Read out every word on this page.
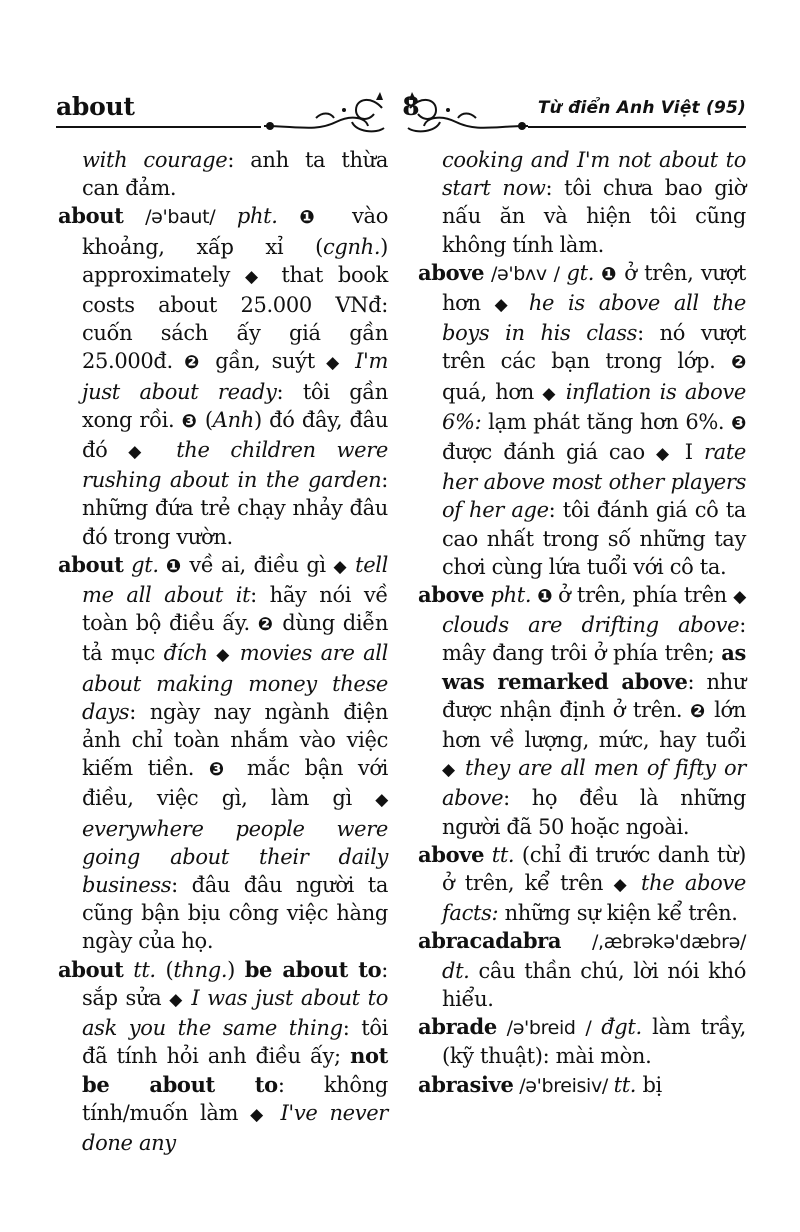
about	8	Từ điển Anh Việt (95)

with courage: anh ta thừa can đảm.

about /ə'baut/ pht. ❶ vào khoảng, xấp xỉ (cgnh.) approximately ◆ that book costs about 25.000 VNđ: cuốn sách ấy giá gần 25.000đ. ❷ gần, suýt ◆ I'm just about ready: tôi gần xong rồi. ❸ (Anh) đó đây, đâu đó ◆ the children were rushing about in the garden: những đứa trẻ chạy nhảy đâu đó trong vườn.

about gt. ❶ về ai, điều gì ◆ tell me all about it: hãy nói về toàn bộ điều ấy. ❷ dùng diễn tả mục đích ◆ movies are all about making money these days: ngày nay ngành điện ảnh chỉ toàn nhắm vào việc kiếm tiền. ❸ mắc bận với điều, việc gì, làm gì ◆ everywhere people were going about their daily business: đâu đâu người ta cũng bận bịu công việc hàng ngày của họ.

about tt. (thng.) be about to: sắp sửa ◆ I was just about to ask you the same thing: tôi đã tính hỏi anh điều ấy; not be about to: không tính/muốn làm ◆ I've never done any

cooking and I'm not about to start now: tôi chưa bao giờ nấu ăn và hiện tôi cũng không tính làm.

above /ə'bʌv / gt. ❶ ở trên, vượt hơn ◆ he is above all the boys in his class: nó vượt trên các bạn trong lớp. ❷ quá, hơn ◆ inflation is above 6%: lạm phát tăng hơn 6%. ❸ được đánh giá cao ◆ I rate her above most other players of her age: tôi đánh giá cô ta cao nhất trong số những tay chơi cùng lứa tuổi với cô ta.

above pht. ❶ ở trên, phía trên ◆ clouds are drifting above: mây đang trôi ở phía trên; as was remarked above: như được nhận định ở trên. ❷ lớn hơn về lượng, mức, hay tuổi ◆ they are all men of fifty or above: họ đều là những người đã 50 hoặc ngoài.

above tt. (chỉ đi trước danh từ) ở trên, kể trên ◆ the above facts: những sự kiện kể trên.

abracadabra /,æbrəkə'dæbrə/ dt. câu thần chú, lời nói khó hiểu.

abrade /ə'breid / đgt. làm trầy, (kỹ thuật): mài mòn.

abrasive /ə'breisiv/ tt. bị
